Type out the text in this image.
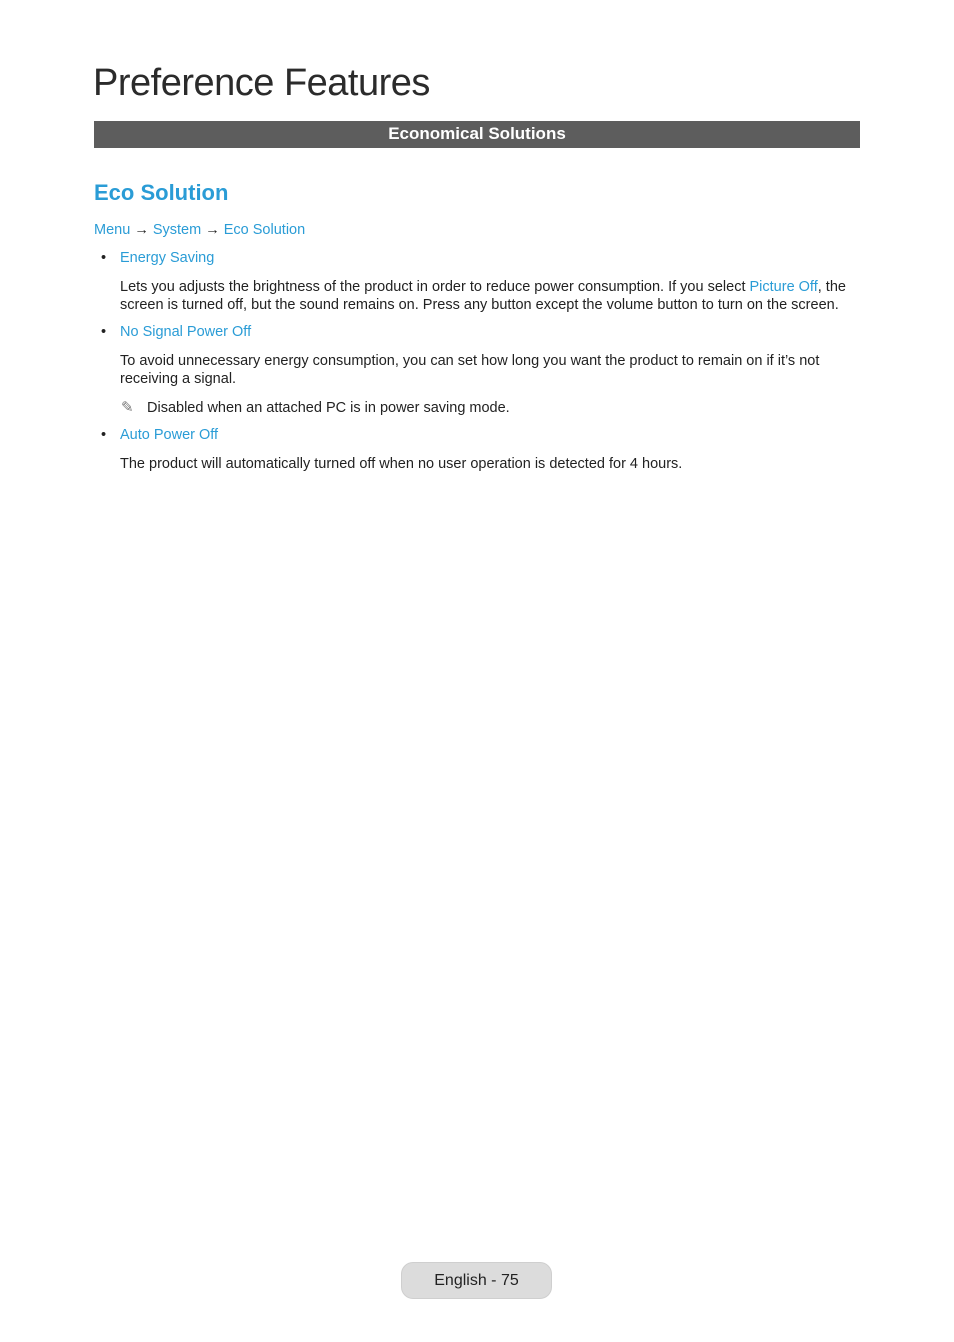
Preference Features
Economical Solutions
Eco Solution
Menu → System → Eco Solution
• Energy Saving
Lets you adjusts the brightness of the product in order to reduce power consumption. If you select Picture Off, the screen is turned off, but the sound remains on. Press any button except the volume button to turn on the screen.
• No Signal Power Off
To avoid unnecessary energy consumption, you can set how long you want the product to remain on if it’s not receiving a signal.
✎ Disabled when an attached PC is in power saving mode.
• Auto Power Off
The product will automatically turned off when no user operation is detected for 4 hours.
English - 75
